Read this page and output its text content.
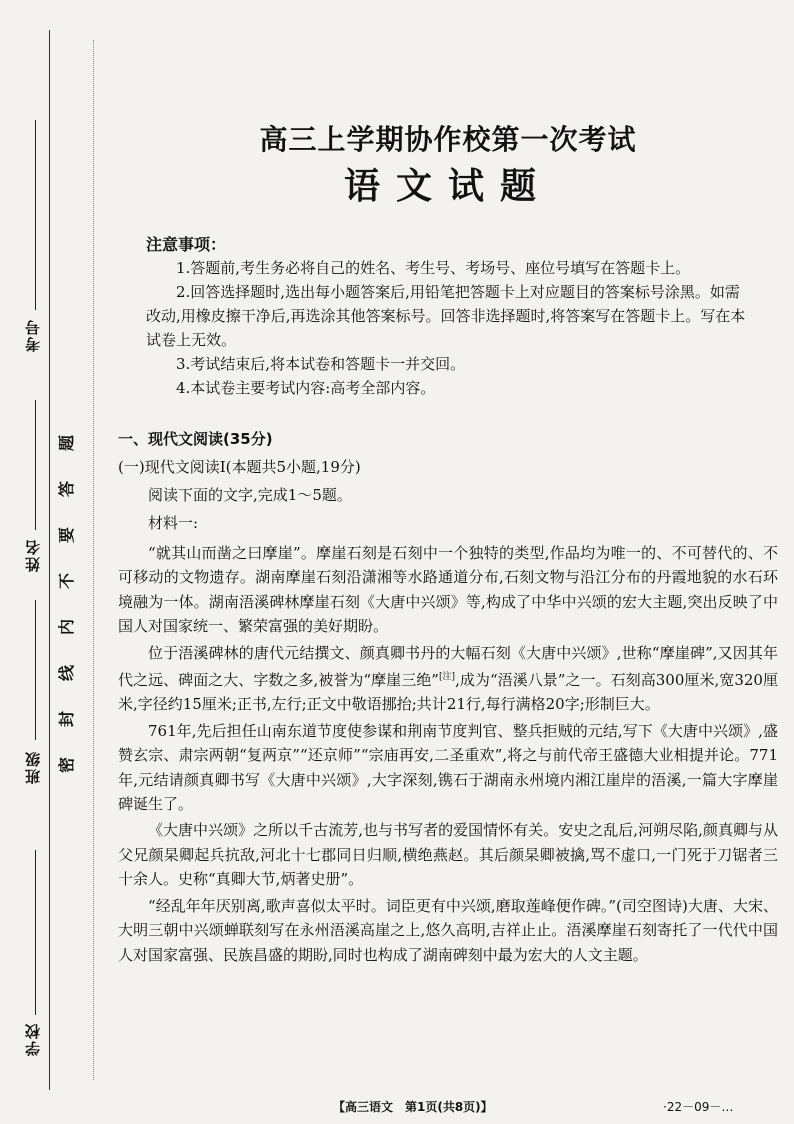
考号
姓名
班级
学校
题
答
要
不
内
线
封
密
高三上学期协作校第一次考试
语文试题
注意事项：

1.答题前,考生务必将自己的姓名、考生号、考场号、座位号填写在答题卡上。

2.回答选择题时,选出每小题答案后,用铅笔把答题卡上对应题目的答案标号涂黑。如需改动,用橡皮擦干净后,再选涂其他答案标号。回答非选择题时,将答案写在答题卡上。写在本试卷上无效。

3.考试结束后,将本试卷和答题卡一并交回。

4.本试卷主要考试内容:高考全部内容。

一、现代文阅读(35分)
(一)现代文阅读Ⅰ(本题共5小题,19分)
阅读下面的文字,完成1～5题。
材料一:

“就其山而凿之曰摩崖”。摩崖石刻是石刻中一个独特的类型,作品均为唯一的、不可替代的、不可移动的文物遗存。湖南摩崖石刻沿潇湘等水路通道分布,石刻文物与沿江分布的丹霞地貌的水石环境融为一体。湖南浯溪碑林摩崖石刻《大唐中兴颂》等,构成了中华中兴颂的宏大主题,突出反映了中国人对国家统一、繁荣富强的美好期盼。

位于浯溪碑林的唐代元结撰文、颜真卿书丹的大幅石刻《大唐中兴颂》,世称“摩崖碑”,又因其年代之远、碑面之大、字数之多,被誉为“摩崖三绝”[注],成为“浯溪八景”之一。石刻高300厘米,宽320厘米,字径约15厘米;正书,左行;正文中敬语挪抬;共计21行,每行满格20字;形制巨大。

761年,先后担任山南东道节度使参谋和荆南节度判官、整兵拒贼的元结,写下《大唐中兴颂》,盛赞玄宗、肃宗两朝“复两京”“还京师”“宗庙再安,二圣重欢”,将之与前代帝王盛德大业相提并论。771年,元结请颜真卿书写《大唐中兴颂》,大字深刻,镌石于湖南永州境内湘江崖岸的浯溪,一篇大字摩崖碑诞生了。

《大唐中兴颂》之所以千古流芳,也与书写者的爱国情怀有关。安史之乱后,河朔尽陷,颜真卿与从父兄颜杲卿起兵抗敌,河北十七郡同日归顺,横绝燕赵。其后颜杲卿被擒,骂不虚口,一门死于刀锯者三十余人。史称“真卿大节,炳著史册”。

“经乱年年厌别离,歌声喜似太平时。词臣更有中兴颂,磨取莲峰便作碑。”(司空图诗)大唐、大宋、大明三朝中兴颂蝉联刻写在永州浯溪高崖之上,悠久高明,吉祥止止。浯溪摩崖石刻寄托了一代代中国人对国家富强、民族昌盛的期盼,同时也构成了湖南碑刻中最为宏大的人文主题。

【高三语文　第1页(共8页)】	·22－09－…
